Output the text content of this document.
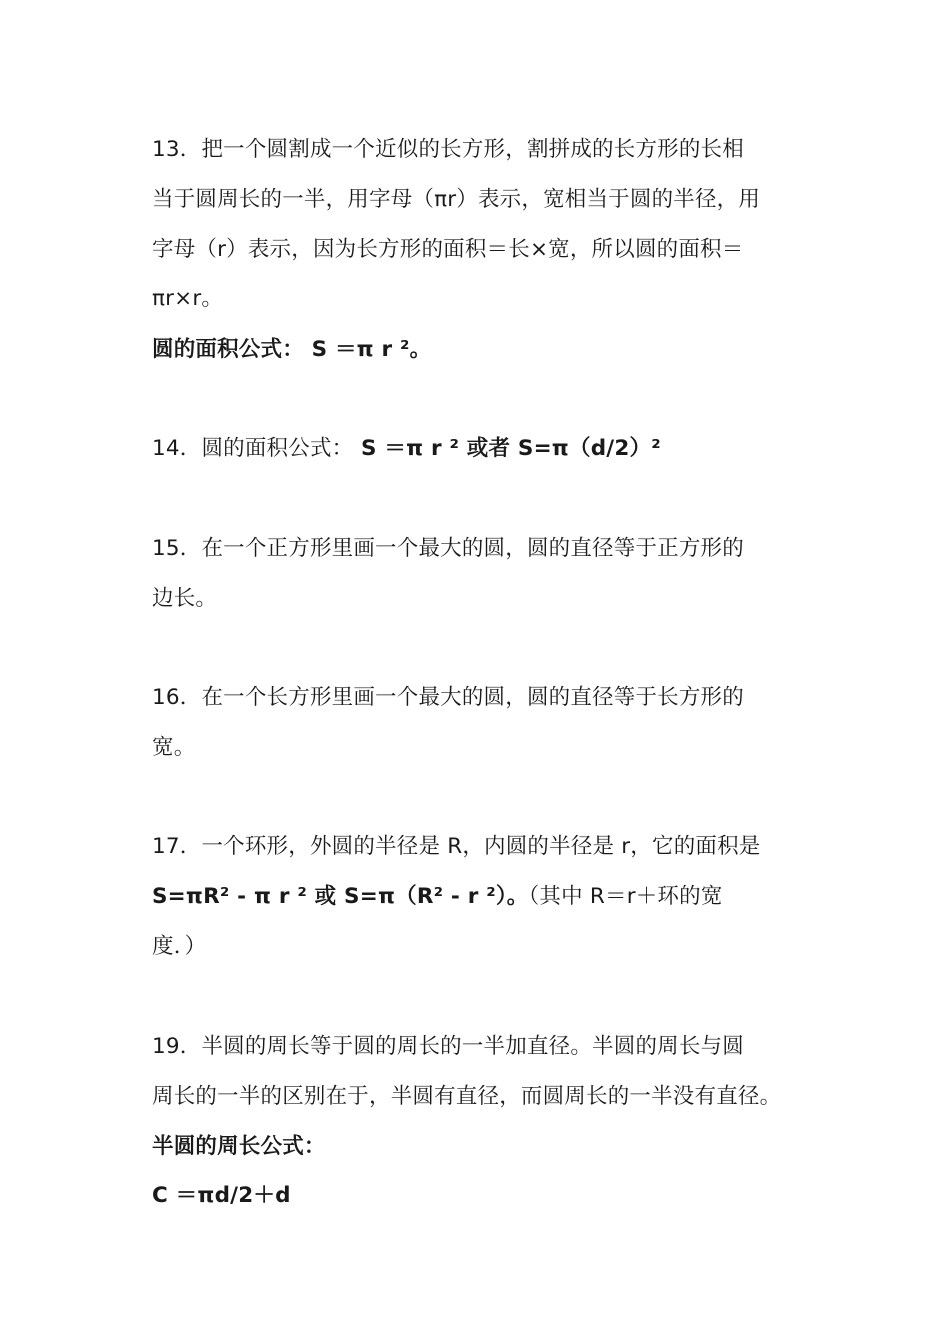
13．把一个圆割成一个近似的长方形，割拼成的长方形的长相
当于圆周长的一半，用字母（πr）表示，宽相当于圆的半径，用
字母（r）表示，因为长方形的面积＝长×宽，所以圆的面积＝
πr×r。
圆的面积公式： S ＝π r ²。
14．圆的面积公式： S ＝π r ² 或者 S=π（d/2）²
15．在一个正方形里画一个最大的圆，圆的直径等于正方形的
边长。
16．在一个长方形里画一个最大的圆，圆的直径等于长方形的
宽。
17．一个环形，外圆的半径是 R，内圆的半径是 r，它的面积是
S=πR² - π r ² 或 S=π（R² - r ²）。（其中 R＝r＋环的宽
度．）
19．半圆的周长等于圆的周长的一半加直径。半圆的周长与圆
周长的一半的区别在于，半圆有直径，而圆周长的一半没有直径。
半圆的周长公式：
C ＝πd/2＋d
